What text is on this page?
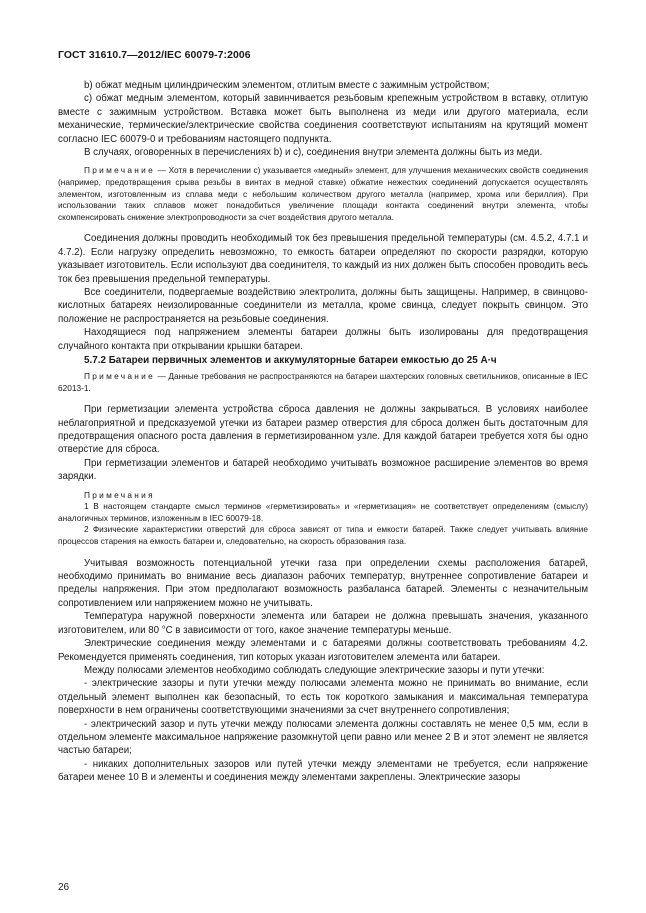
ГОСТ 31610.7—2012/IEC 60079-7:2006

b) обжат медным цилиндрическим элементом, отлитым вместе с зажимным устройством;

c) обжат медным элементом, который завинчивается резьбовым крепежным устройством в вставку, отлитую вместе с зажимным устройством. Вставка может быть выполнена из меди или другого материала, если механические, термические/электрические свойства соединения соответствуют испытаниям на крутящий момент согласно IEC 60079-0 и требованиям настоящего подпункта.

В случаях, оговоренных в перечислениях b) и c), соединения внутри элемента должны быть из меди.

Примечание — Хотя в перечислении c) указывается «медный» элемент, для улучшения механических свойств соединения (например, предотвращения срыва резьбы в винтах в медной ставке) обжатие нежестких соединений допускается осуществлять элементом, изготовленным из сплава меди с небольшим количеством другого металла (например, хрома или бериллия). При использовании таких сплавов может понадобиться увеличение площади контакта соединений внутри элемента, чтобы скомпенсировать снижение электропроводности за счет воздействия другого металла.

Соединения должны проводить необходимый ток без превышения предельной температуры (см. 4.5.2, 4.7.1 и 4.7.2). Если нагрузку определить невозможно, то емкость батареи определяют по скорости разрядки, которую указывает изготовитель. Если используют два соединителя, то каждый из них должен быть способен проводить весь ток без превышения предельной температуры.

Все соединители, подвергаемые воздействию электролита, должны быть защищены. Например, в свинцово-кислотных батареях неизолированные соединители из металла, кроме свинца, следует покрыть свинцом. Это положение не распространяется на резьбовые соединения.

Находящиеся под напряжением элементы батареи должны быть изолированы для предотвращения случайного контакта при открывании крышки батареи.

5.7.2 Батареи первичных элементов и аккумуляторные батареи емкостью до 25 А·ч

Примечание — Данные требования не распространяются на батареи шахтерских головных светильников, описанные в IEC 62013-1.

При герметизации элемента устройства сброса давления не должны закрываться. В условиях наиболее неблагоприятной и предсказуемой утечки из батареи размер отверстия для сброса должен быть достаточным для предотвращения опасного роста давления в герметизированном узле. Для каждой батареи требуется хотя бы одно отверстие для сброса.

При герметизации элементов и батарей необходимо учитывать возможное расширение элементов во время зарядки.

Примечания

1 В настоящем стандарте смысл терминов «герметизировать» и «герметизация» не соответствует определениям (смыслу) аналогичных терминов, изложенным в IEC 60079-18.

2 Физические характеристики отверстий для сброса зависят от типа и емкости батарей. Также следует учитывать влияние процессов старения на емкость батареи и, следовательно, на скорость образования газа.

Учитывая возможность потенциальной утечки газа при определении схемы расположения батарей, необходимо принимать во внимание весь диапазон рабочих температур, внутреннее сопротивление батареи и пределы напряжения. При этом предполагают возможность разбаланса батарей. Элементы с незначительным сопротивлением или напряжением можно не учитывать.

Температура наружной поверхности элемента или батареи не должна превышать значения, указанного изготовителем, или 80 °С в зависимости от того, какое значение температуры меньше.

Электрические соединения между элементами и с батареями должны соответствовать требованиям 4.2. Рекомендуется применять соединения, тип которых указан изготовителем элемента или батареи.

Между полюсами элементов необходимо соблюдать следующие электрические зазоры и пути утечки:

- электрические зазоры и пути утечки между полюсами элемента можно не принимать во внимание, если отдельный элемент выполнен как безопасный, то есть ток короткого замыкания и максимальная температура поверхности в нем ограничены соответствующими значениями за счет внутреннего сопротивления;

- электрический зазор и путь утечки между полюсами элемента должны составлять не менее 0,5 мм, если в отдельном элементе максимальное напряжение разомкнутой цепи равно или менее 2 В и этот элемент не является частью батареи;

- никаких дополнительных зазоров или путей утечки между элементами не требуется, если напряжение батареи менее 10 В и элементы и соединения между элементами закреплены. Электрические зазоры

26
